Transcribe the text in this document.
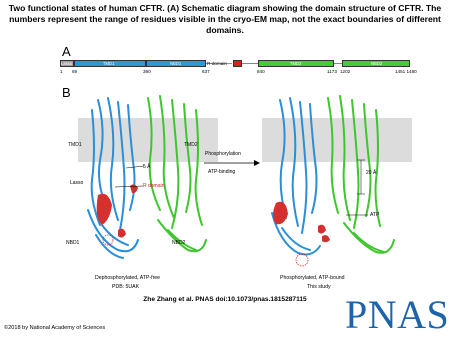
Two functional states of human CFTR. (A) Schematic diagram showing the domain structure of CFTR. The numbers represent the range of residues visible in the cryo-EM map, not the exact boundaries of different domains.
A
Lasso	TMD1	NBD1	R-domain	TMD2	NBD2
1 69	390	637	840	1173 1202	1451 1480
B
TMD1	TMD2
Lasso
5 Å
R domain
NBD1	NBD2
Dephosphorylated, ATP-free
PDB: 5UAK
Phosphorylation
ATP-binding	20 Å
ATP
Phosphorylated, ATP-bound
This study
Zhe Zhang et al. PNAS doi:10.1073/pnas.1815287115
©2018 by National Academy of Sciences	PNAS
